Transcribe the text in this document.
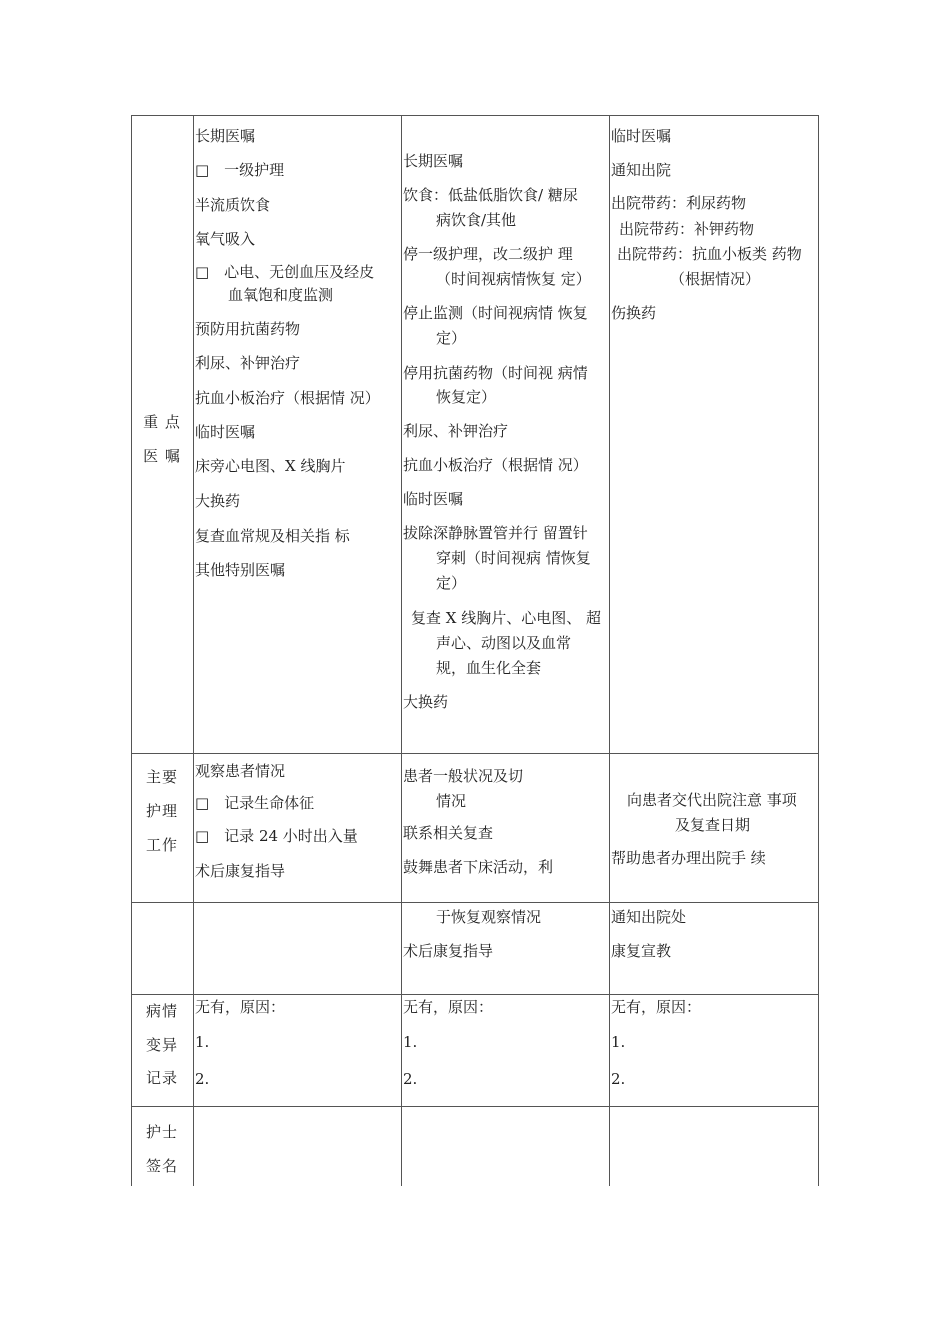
重 点
医 嘱
长期医嘱
□　一级护理
半流质饮食
氧气吸入
□　心电、无创血压及经皮
血氧饱和度监测
预防用抗菌药物
利尿、补钾治疗
抗血小板治疗（根据情 况）
临时医嘱
床旁心电图、X 线胸片
大换药
复查血常规及相关指 标
其他特别医嘱
长期医嘱
饮食：低盐低脂饮食/ 糖尿
病饮食/其他
停一级护理，改二级护 理
（时间视病情恢复 定）
停止监测（时间视病情 恢复
定）
停用抗菌药物（时间视 病情
恢复定）
利尿、补钾治疗
抗血小板治疗（根据情 况）
临时医嘱
拔除深静脉置管并行 留置针
穿刺（时间视病 情恢复
定）
复查 X 线胸片、心电图、 超
声心、动图以及血常
规，血生化全套
大换药
临时医嘱
通知出院
出院带药：利尿药物
出院带药：补钾药物
出院带药：抗血小板类 药物
（根据情况）
伤换药
主要
护理
工作
观察患者情况
□　记录生命体征
□　记录 24 小时出入量
术后康复指导
患者一般状况及切
情况
联系相关复查
鼓舞患者下床活动，利
向患者交代出院注意 事项
及复查日期
帮助患者办理出院手 续
于恢复观察情况
术后康复指导
通知出院处
康复宣教
病情
变异
记录
无有，原因：
1.
2.
无有，原因：
1.
2.
无有，原因：
1.
2.
护士
签名
